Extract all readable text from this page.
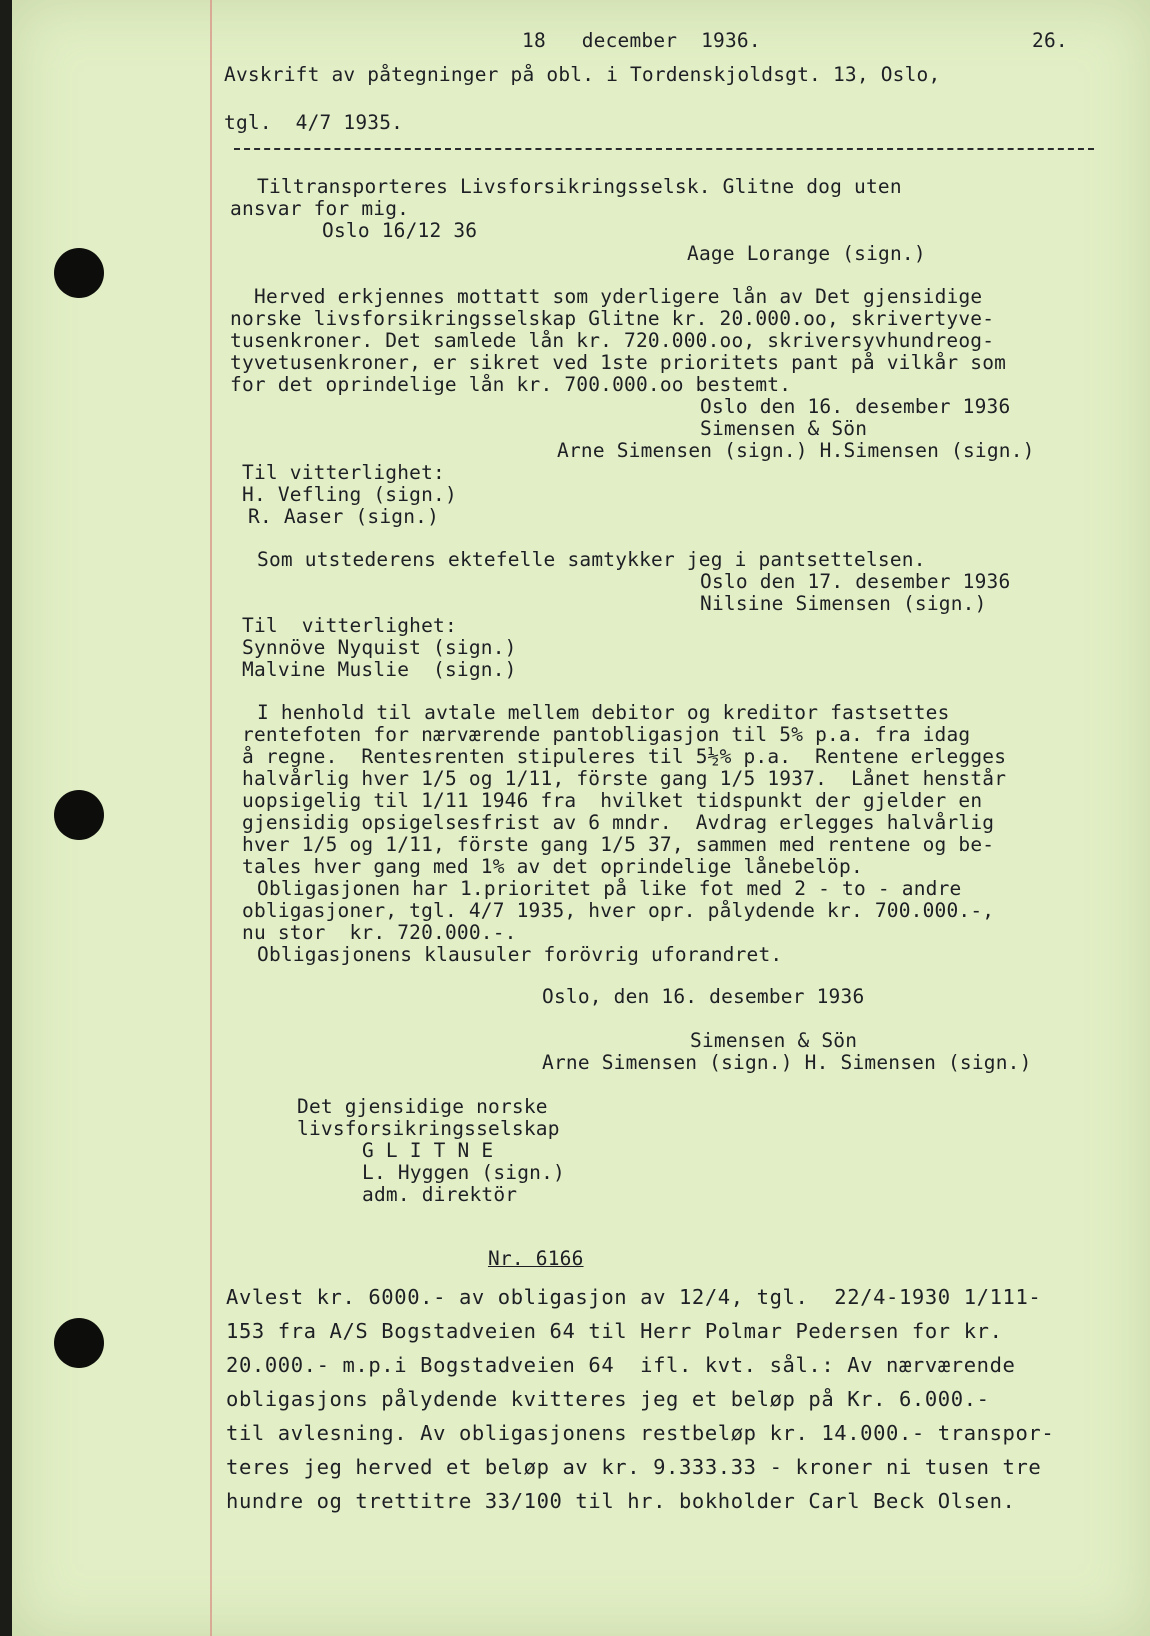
18   december  1936.	26.
Avskrift av påtegninger på obl. i Tordenskjoldsgt. 13, Oslo,
tgl.  4/7 1935.
Tiltransporteres Livsforsikringsselsk. Glitne dog uten
ansvar for mig.
Oslo 16/12 36
Aage Lorange (sign.)
Herved erkjennes mottatt som yderligere lån av Det gjensidige
norske livsforsikringsselskap Glitne kr. 20.000.oo, skrivertyve-
tusenkroner. Det samlede lån kr. 720.000.oo, skriversyvhundreog-
tyvetusenkroner, er sikret ved 1ste prioritets pant på vilkår som
for det oprindelige lån kr. 700.000.oo bestemt.
Oslo den 16. desember 1936
Simensen & Sön
Arne Simensen (sign.) H.Simensen (sign.)
Til vitterlighet:
H. Vefling (sign.)
R. Aaser (sign.)
Som utstederens ektefelle samtykker jeg i pantsettelsen.
Oslo den 17. desember 1936
Nilsine Simensen (sign.)
Til  vitterlighet:
Synnöve Nyquist (sign.)
Malvine Muslie  (sign.)
I henhold til avtale mellem debitor og kreditor fastsettes
rentefoten for nærværende pantobligasjon til 5% p.a. fra idag
å regne.  Rentesrenten stipuleres til 5½% p.a.  Rentene erlegges
halvårlig hver 1/5 og 1/11, förste gang 1/5 1937.  Lånet henstår
uopsigelig til 1/11 1946 fra  hvilket tidspunkt der gjelder en
gjensidig opsigelsesfrist av 6 mndr.  Avdrag erlegges halvårlig
hver 1/5 og 1/11, förste gang 1/5 37, sammen med rentene og be-
tales hver gang med 1% av det oprindelige lånebelöp.
Obligasjonen har 1.prioritet på like fot med 2 - to - andre
obligasjoner, tgl. 4/7 1935, hver opr. pålydende kr. 700.000.-,
nu stor  kr. 720.000.-.
Obligasjonens klausuler forövrig uforandret.
Oslo, den 16. desember 1936
Simensen & Sön
Arne Simensen (sign.) H. Simensen (sign.)
Det gjensidige norske
livsforsikringsselskap
G L I T N E
L. Hyggen (sign.)
adm. direktör
Nr. 6166
Avlest kr. 6000.- av obligasjon av 12/4, tgl.  22/4-1930 1/111-
153 fra A/S Bogstadveien 64 til Herr Polmar Pedersen for kr.
20.000.- m.p.i Bogstadveien 64  ifl. kvt. sål.: Av nærværende
obligasjons pålydende kvitteres jeg et beløp på Kr. 6.000.-
til avlesning. Av obligasjonens restbeløp kr. 14.000.- transpor-
teres jeg herved et beløp av kr. 9.333.33 - kroner ni tusen tre
hundre og trettitre 33/100 til hr. bokholder Carl Beck Olsen.
